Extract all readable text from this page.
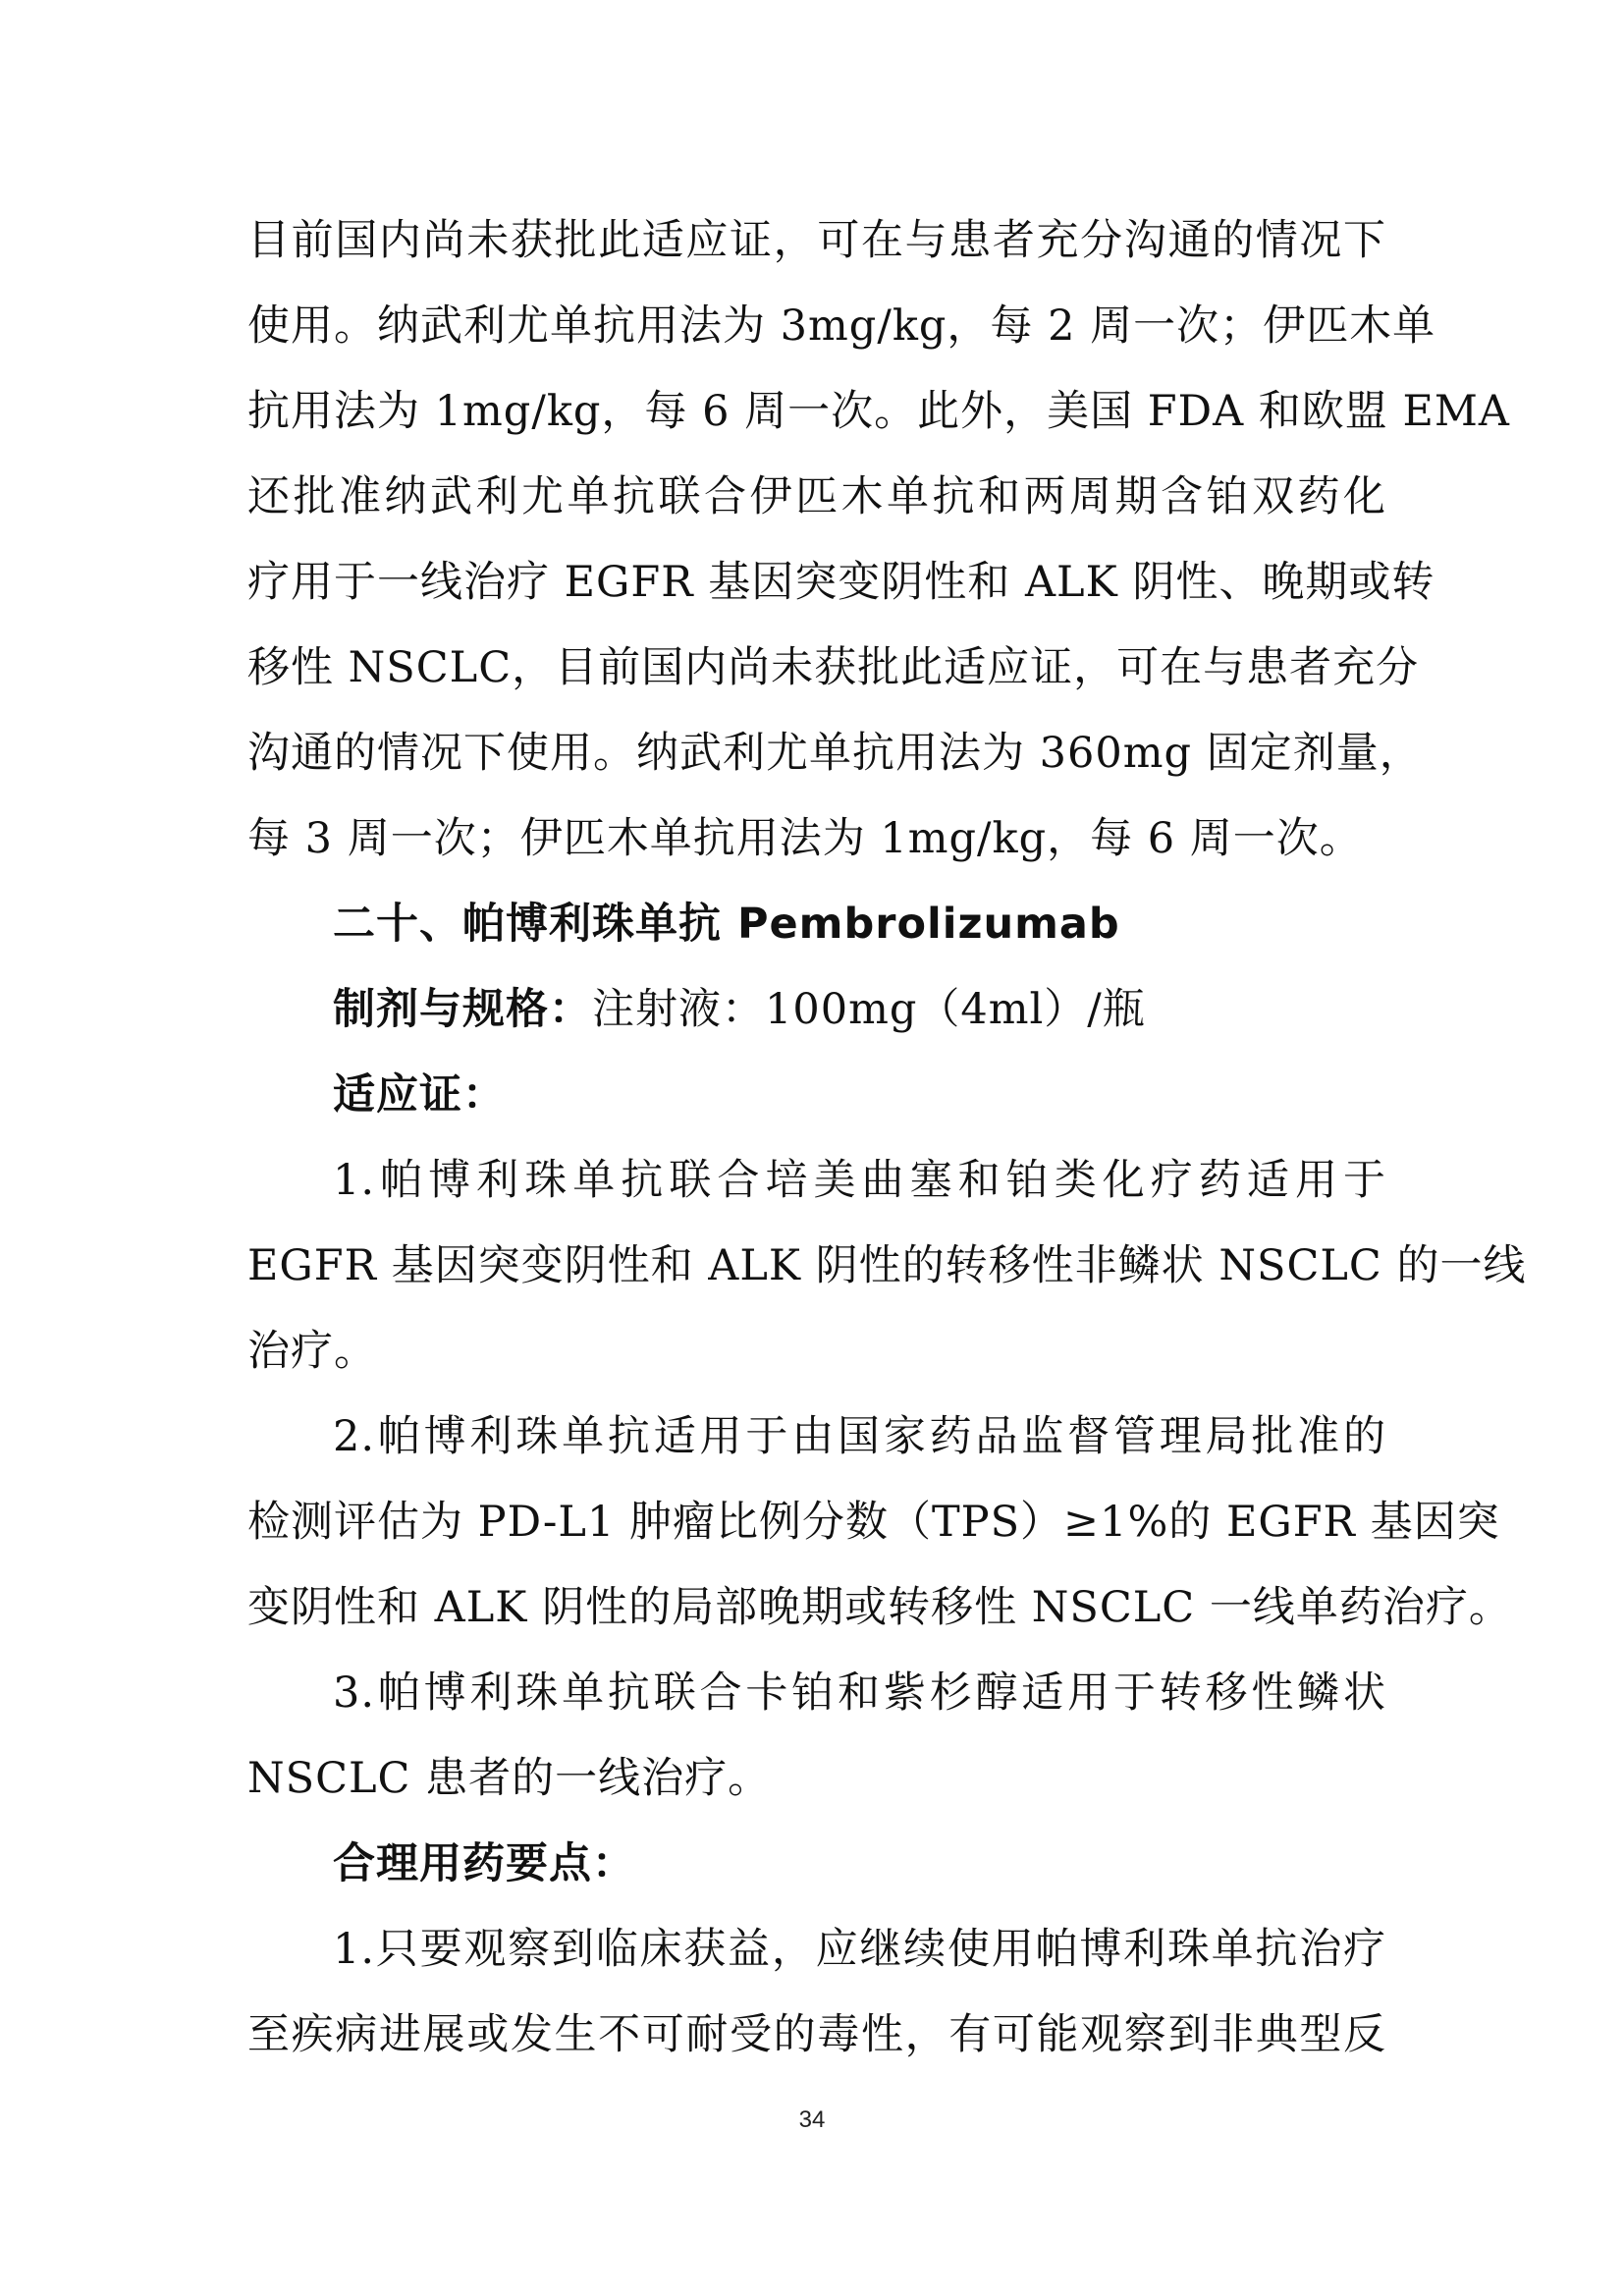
目前国内尚未获批此适应证，可在与患者充分沟通的情况下
使用。纳武利尤单抗用法为 3mg/kg，每 2 周一次；伊匹木单
抗用法为 1mg/kg，每 6 周一次。此外，美国 FDA 和欧盟 EMA
还批准纳武利尤单抗联合伊匹木单抗和两周期含铂双药化
疗用于一线治疗 EGFR 基因突变阴性和 ALK 阴性、晚期或转
移性 NSCLC，目前国内尚未获批此适应证，可在与患者充分
沟通的情况下使用。纳武利尤单抗用法为 360mg 固定剂量，
每 3 周一次；伊匹木单抗用法为 1mg/kg，每 6 周一次。
二十、帕博利珠单抗 Pembrolizumab
制剂与规格：注射液：100mg（4ml）/瓶
适应证：
1.帕博利珠单抗联合培美曲塞和铂类化疗药适用于
EGFR 基因突变阴性和 ALK 阴性的转移性非鳞状 NSCLC 的一线
治疗。
2.帕博利珠单抗适用于由国家药品监督管理局批准的
检测评估为 PD-L1 肿瘤比例分数（TPS）≥1%的 EGFR 基因突
变阴性和 ALK 阴性的局部晚期或转移性 NSCLC 一线单药治疗。
3.帕博利珠单抗联合卡铂和紫杉醇适用于转移性鳞状
NSCLC 患者的一线治疗。
合理用药要点：
1.只要观察到临床获益，应继续使用帕博利珠单抗治疗
至疾病进展或发生不可耐受的毒性，有可能观察到非典型反
34
